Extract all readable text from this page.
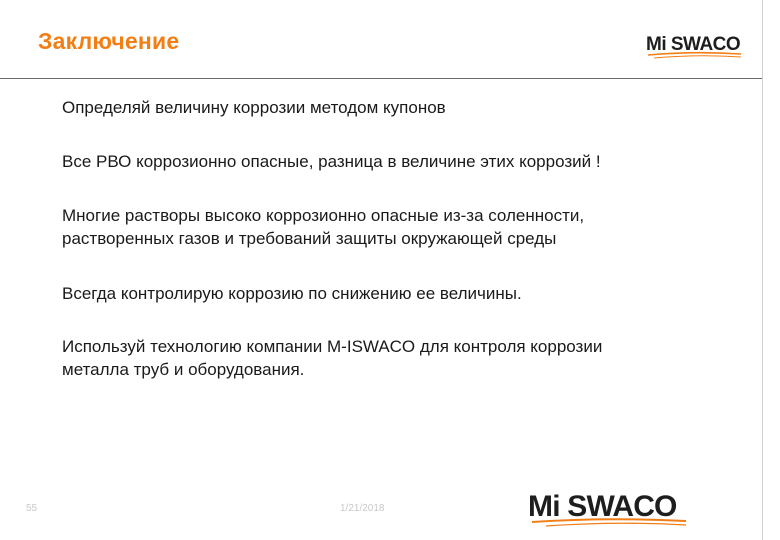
Заключение	Mi SWACO
Определяй величину коррозии методом купонов
Все РВО коррозионно опасные, разница в величине этих коррозий !
Многие растворы высоко коррозионно опасные из-за соленности,
растворенных газов и требований защиты окружающей среды
Всегда контролирую коррозию по снижению ее величины.
Используй технологию компании M-ISWACO для контроля коррозии
металла труб и оборудования.
55	1/21/2018	Mi SWACO
